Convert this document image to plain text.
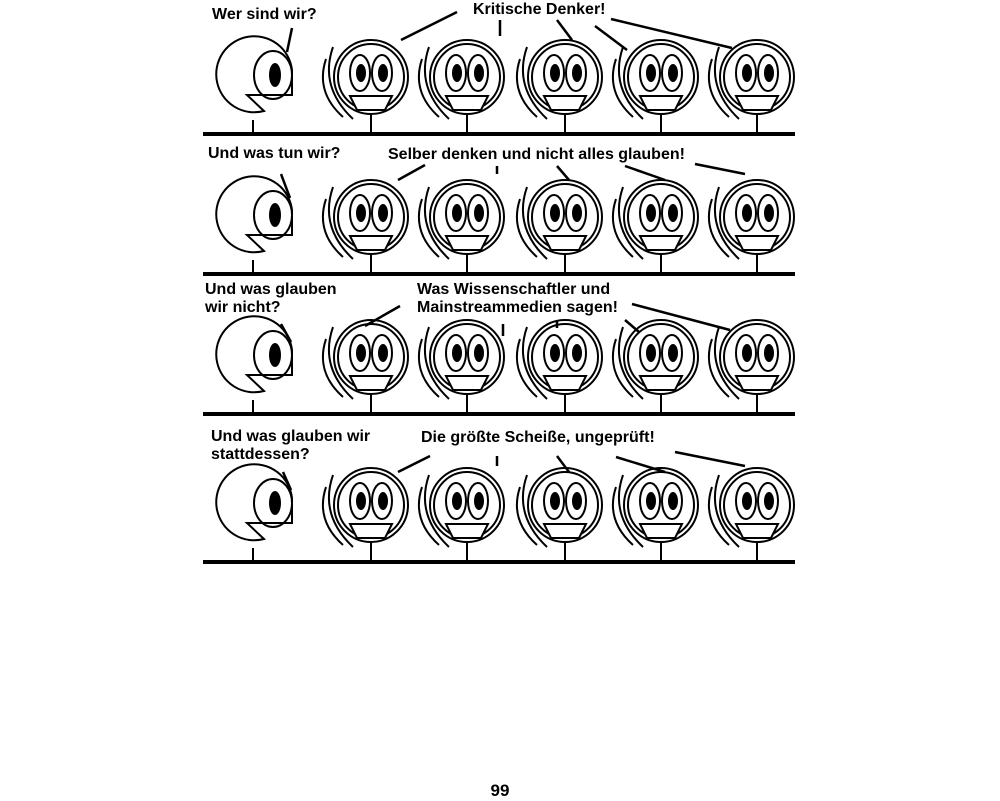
Wer sind wir?	Kritische Denker!
Und was tun wir?	Selber denken und nicht alles glauben!
Und was glauben
wir nicht?
Was Wissenschaftler und
Mainstreammedien sagen!
Und was glauben wir
stattdessen?
Die größte Scheiße, ungeprüft!
99
